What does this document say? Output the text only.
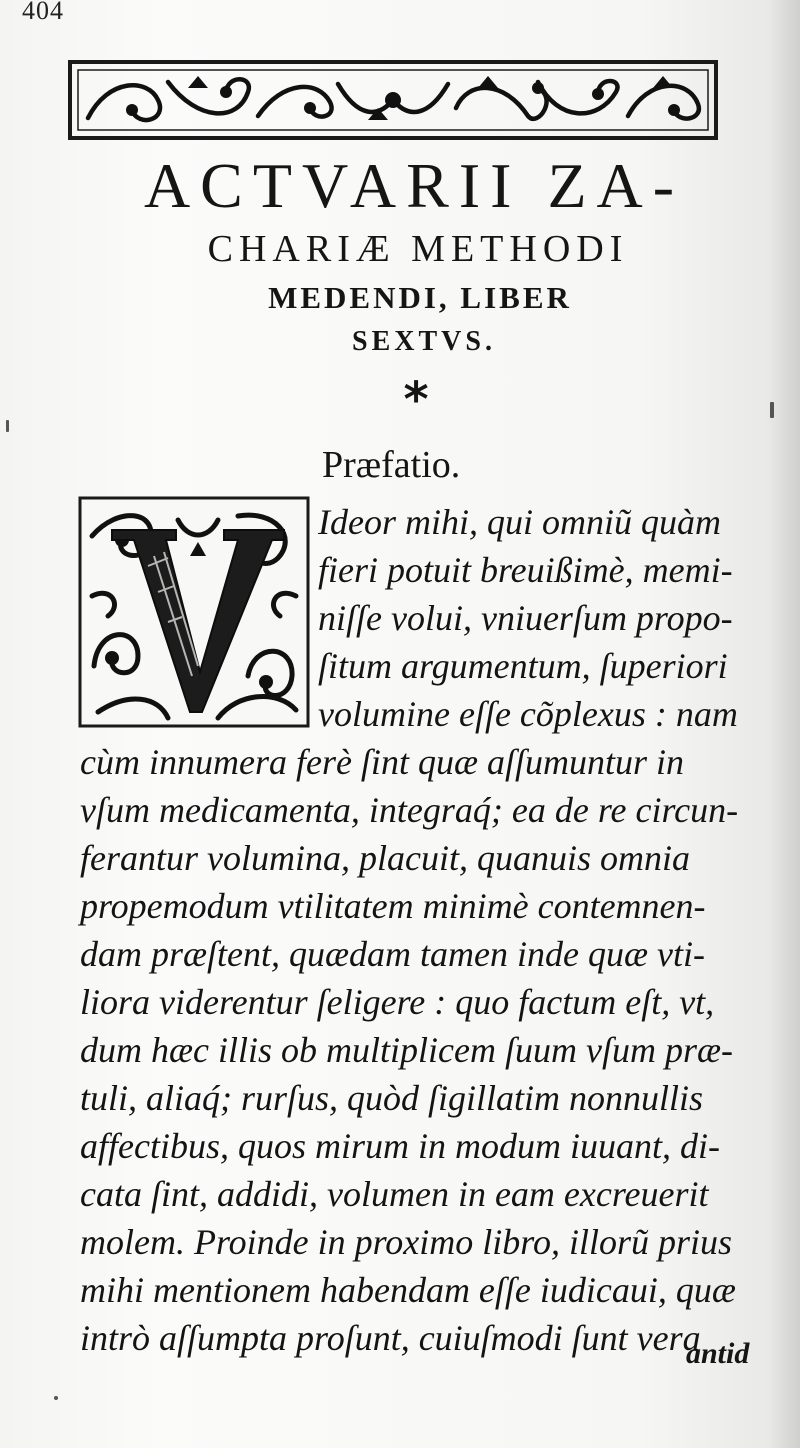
404
ACTVARII ZA-
CHARIÆ METHODI
MEDENDI, LIBER
SEXTVS.
*
Præfatio.
Ideor mihi, qui omniũ quàm
fieri potuit breuißimè, memi-
niſſe volui, vniuerſum propo-
ſitum argumentum, ſuperiori
volumine eſſe cõplexus : nam
cùm innumera ferè ſint quæ aſſumuntur in
vſum medicamenta, integraq́; ea de re circun-
ferantur volumina, placuit, quanuis omnia
propemodum vtilitatem minimè contemnen-
dam præſtent, quædam tamen inde quæ vti-
liora viderentur ſeligere : quo factum eſt, vt,
dum hæc illis ob multiplicem ſuum vſum præ-
tuli, aliaq́; rurſus, quòd ſigillatim nonnullis
affectibus, quos mirum in modum iuuant, di-
cata ſint, addidi, volumen in eam excreuerit
molem. Proinde in proximo libro, illorũ prius
mihi mentionem habendam eſſe iudicaui, quæ
intrò aſſumpta proſunt, cuiuſmodi ſunt vera
antid
